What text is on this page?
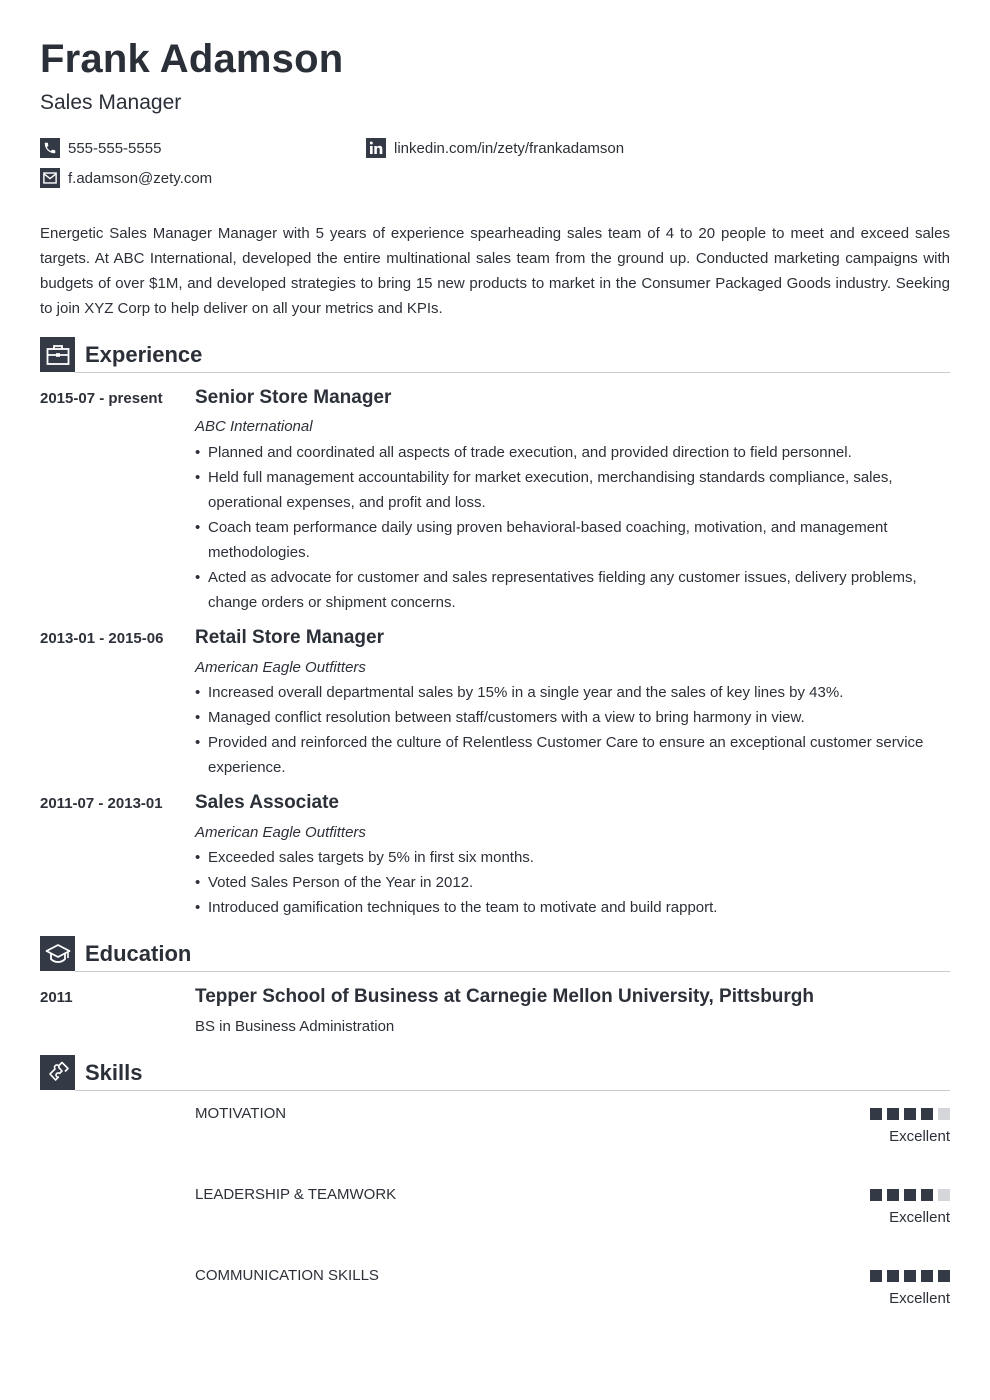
Frank Adamson
Sales Manager
555-555-5555	linkedin.com/in/zety/frankadamson
f.adamson@zety.com

Energetic Sales Manager Manager with 5 years of experience spearheading sales team of 4 to 20 people to meet and exceed sales targets. At ABC International, developed the entire multinational sales team from the ground up. Conducted marketing campaigns with budgets of over $1M, and developed strategies to bring 15 new products to market in the Consumer Packaged Goods industry. Seeking to join XYZ Corp to help deliver on all your metrics and KPIs.

Experience
2015-07 - present Senior Store Manager
ABC International
• Planned and coordinated all aspects of trade execution, and provided direction to field personnel.
• Held full management accountability for market execution, merchandising standards compliance, sales, operational expenses, and profit and loss.
• Coach team performance daily using proven behavioral-based coaching, motivation, and management methodologies.
• Acted as advocate for customer and sales representatives fielding any customer issues, delivery problems, change orders or shipment concerns.
2013-01 - 2015-06 Retail Store Manager
American Eagle Outfitters
• Increased overall departmental sales by 15% in a single year and the sales of key lines by 43%.
• Managed conflict resolution between staff/customers with a view to bring harmony in view.
• Provided and reinforced the culture of Relentless Customer Care to ensure an exceptional customer service experience.
2011-07 - 2013-01 Sales Associate
American Eagle Outfitters
• Exceeded sales targets by 5% in first six months.
• Voted Sales Person of the Year in 2012.
• Introduced gamification techniques to the team to motivate and build rapport.
Education
2011	Tepper School of Business at Carnegie Mellon University, Pittsburgh
BS in Business Administration
Skills
MOTIVATION
Excellent
LEADERSHIP & TEAMWORK
Excellent
COMMUNICATION SKILLS
Excellent
